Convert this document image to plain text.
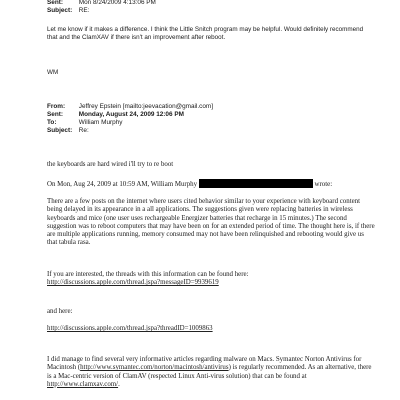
Sent: Mon 8/24/2009 4:13:06 PM
Subject: RE:
Let me know if it makes a difference. I think the Little Snitch program may be helpful. Would definitely recommend that and the ClamXAV if there isn't an improvement after reboot.
WM
From: Jeffrey Epstein [mailto:jeevacation@gmail.com]
Sent: Monday, August 24, 2009 12:06 PM
To:	William Murphy
Subject: Re:
the keyboards are hard wired i'll try to re boot
On Mon, Aug 24, 2009 at 10:59 AM, William Murphy	wrote:
There are a few posts on the internet where users cited behavior similar to your experience with keyboard content being delayed in its appearance in a all applications. The suggestions given were replacing batteries in wireless keyboards and mice (one user uses rechargeable Energizer batteries that recharge in 15 minutes.) The second suggestion was to reboot computers that may have been on for an extended period of time. The thought here is, if there are multiple applications running, memory consumed may not have been relinquished and rebooting would give us that tabula rasa.
If you are interested, the threads with this information can be found here:
http://discussions.apple.com/thread.jspa?messageID=9939619
and here:
http://discussions.apple.com/thread.jspa?threadID=1009863
I did manage to find several very informative articles regarding malware on Macs. Symantec Norton Antivirus for Macintosh (http://www.symantec.com/norton/macintosh/antivirus) is regularly recommended. As an alternative, there is a Mac-centric version of ClamAV (respected Linux Anti-virus solution) that can be found at http://www.clamxav.com/.
